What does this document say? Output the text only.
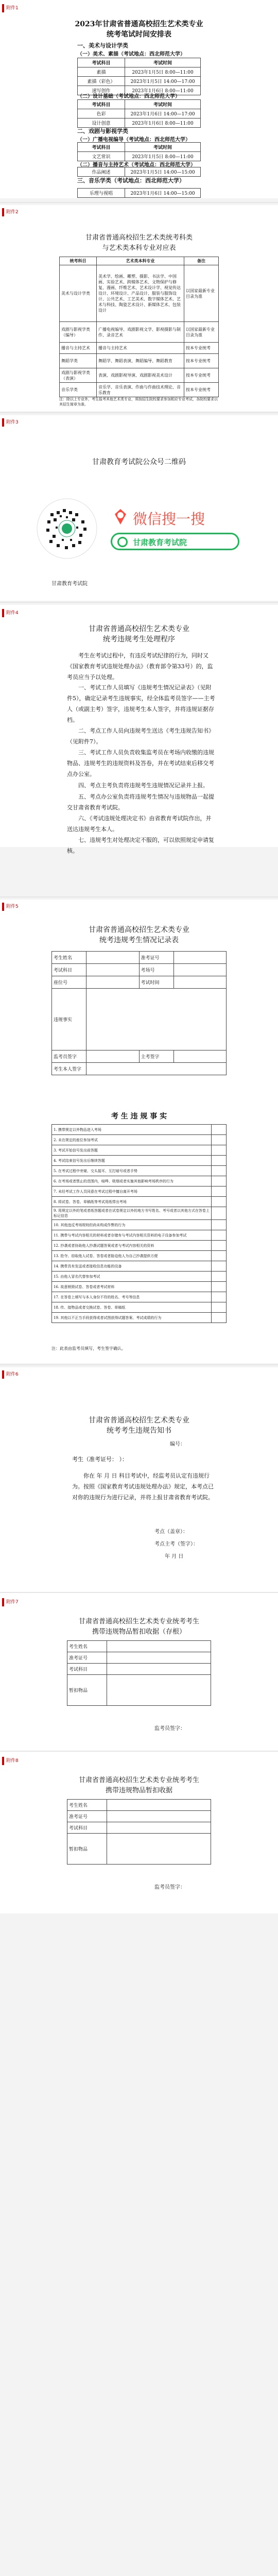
附件1
2023年甘肃省普通高校招生艺术类专业
统考笔试时间安排表
一、美术与设计学类
（一）美术、素描（考试地点：西北师范大学）
考试科目	考试时间
素描	2023年1月5日 8:00—11:00
素描（彩色）	2023年1月5日 14:00—17:00
速写创作	2023年1月6日 8:00—11:00
（二）设计基础（考试地点：西北师范大学）
考试科目	考试时间
色彩	2023年1月6日 14:00—17:00
设计创意	2023年1月6日 8:00—11:00
二、戏剧与影视学类
（一）广播电视编导（考试地点：西北师范大学）
考试科目	考试时间
文艺常识	2023年1月5日 8:00—11:00
（二）播音与主持艺术（考试地点：西北师范大学）
作品阐述	2023年1月5日 14:00—15:00
三、音乐学类（考试地点：西北师范大学）
乐理与视唱	2023年1月6日 14:00—15:00
附件2
甘肃省普通高校招生艺术类统考科类
与艺术类本科专业对应表
统考科目	艺术类本科专业	备注
美术与设计学类	美术学、绘画、雕塑、摄影、书法学、中国画、实验艺术、跨媒体艺术、文物保护与修复、漫画、纤维艺术、艺术设计学、视觉传达设计、环境设计、产品设计、服装与服饰设计、公共艺术、工艺美术、数字媒体艺术、艺术与科技、陶瓷艺术设计、新媒体艺术、包装设计	以国家最新专业目录为准
戏剧与影视学类（编导）	广播电视编导、戏剧影视文学、影视摄影与制作、录音艺术	以国家最新专业目录为准
播音与主持艺术	播音与主持艺术	按本专业统考
舞蹈学类	舞蹈学、舞蹈表演、舞蹈编导、舞蹈教育	按本专业统考
戏剧与影视学类（表演）	表演、戏剧影视导演、戏剧影视美术设计	按本专业统考
音乐学类	音乐学、音乐表演、作曲与作曲技术理论、音乐教育	按本专业统考
注：除以上专业外，考生报考其他艺术类专业，须按招生院校要求参加相应专业考试，各院校要求以其招生简章为准。
附件3
甘肃教育考试院公众号二维码
微信搜一搜
甘肃教育考试院
甘肃教育考试院
附件4
甘肃省普通高校招生艺术类专业
统考违规考生处理程序
考生在考试过程中，有违反考试纪律的行为，同时又《国家教育考试违规处理办法》（教育部令第33号）的，监考员应当予以处理。
一、考试工作人员填写《违规考生情况记录表》（见附件5），确定记录考生违规事实，经全体监考员签字——主考人（或副主考）签字，违规考生本人签字，并将违规证据存档。
二、考点工作人员向违规考生送达《考生违规告知书》（见附件7）。
三、考试工作人员负责收集监考员在考场内收缴的违规物品、违规考生的违规资料及答卷，并在考试结束后移交考点办公室。
四、考点主考负责将违规考生违规情况记录并上报。
五、考点办公室负责将违规考生情况与违规物品一起提交甘肃省教育考试院。
六、《考试违规处理决定书》由省教育考试院作出，并送达违规考生本人。
七、违规考生对处理决定不服的，可以依照规定申请复核。
附件5
甘肃省普通高校招生艺术类专业
统考违规考生情况记录表
考生姓名		准考证号	
考试科目		考场号	
座位号		考试时间	
违规事实			
监考员签字		主考签字	
考生本人签字			
考 生 违 规 事 实
1. 携带规定以外物品进入考场	
2. 未在规定的座位参加考试	
3. 考试开始信号发出前答题	
4. 考试结束信号发出后继续答题	
5. 在考试过程中旁窥、交头接耳、互打暗号或者手势	
6. 在考场或者禁止的范围内，喧哗、吸烟或者实施其他影响考场秩序的行为	
7. 未经考试工作人员同意在考试过程中擅自离开考场	
8. 将试卷、答卷、草稿纸等考试用纸带出考场	
9. 用规定以外的笔或者纸答题或者在试卷规定以外的地方书写姓名、考号或者以其他方式在答卷上标记信息	
10. 其他违反考场规则但尚未构成作弊的行为	
11. 携带与考试内容相关的材料或者存储有与考试内容相关资料的电子设备参加考试	
12. 抄袭或者协助他人抄袭试题答案或者与考试内容相关的资料	
13. 抢夺、窃取他人试卷、答卷或者胁迫他人为自己抄袭提供方便	
14. 携带具有发送或者接收信息功能的设备	
15. 由他人冒名代替参加考试	
16. 故意销毁试卷、答卷或者考试材料	
17. 在答卷上填写与本人身份不符的姓名、考号等信息	
18. 传、接物品或者交换试卷、答卷、草稿纸	
19. 其他以不正当手段获得或者试图获得试题答案、考试成绩的行为	
注：此表由监考员填写，考生签字确认。
附件6
甘肃省普通高校招生艺术类专业
统考考生违规告知书
编号：
考生（准考证号： ）：
你在 年 月 日 科目考试中，经监考员认定有违规行为。按照《国家教育考试违规处理办法》规定，本考点已对你的违规行为进行记录，并将上报甘肃省教育考试院。
考点（盖章）：
考点主考（签字）：
年 月 日
附件7
甘肃省普通高校招生艺术类专业统考考生
携带违规物品暂扣收据（存根）
考生姓名	
准考证号	
考试科目	
暂扣物品	
监考员签字：
附件8
甘肃省普通高校招生艺术类专业统考考生
携带违规物品暂扣收据
考生姓名	
准考证号	
考试科目	
暂扣物品	
监考员签字：
